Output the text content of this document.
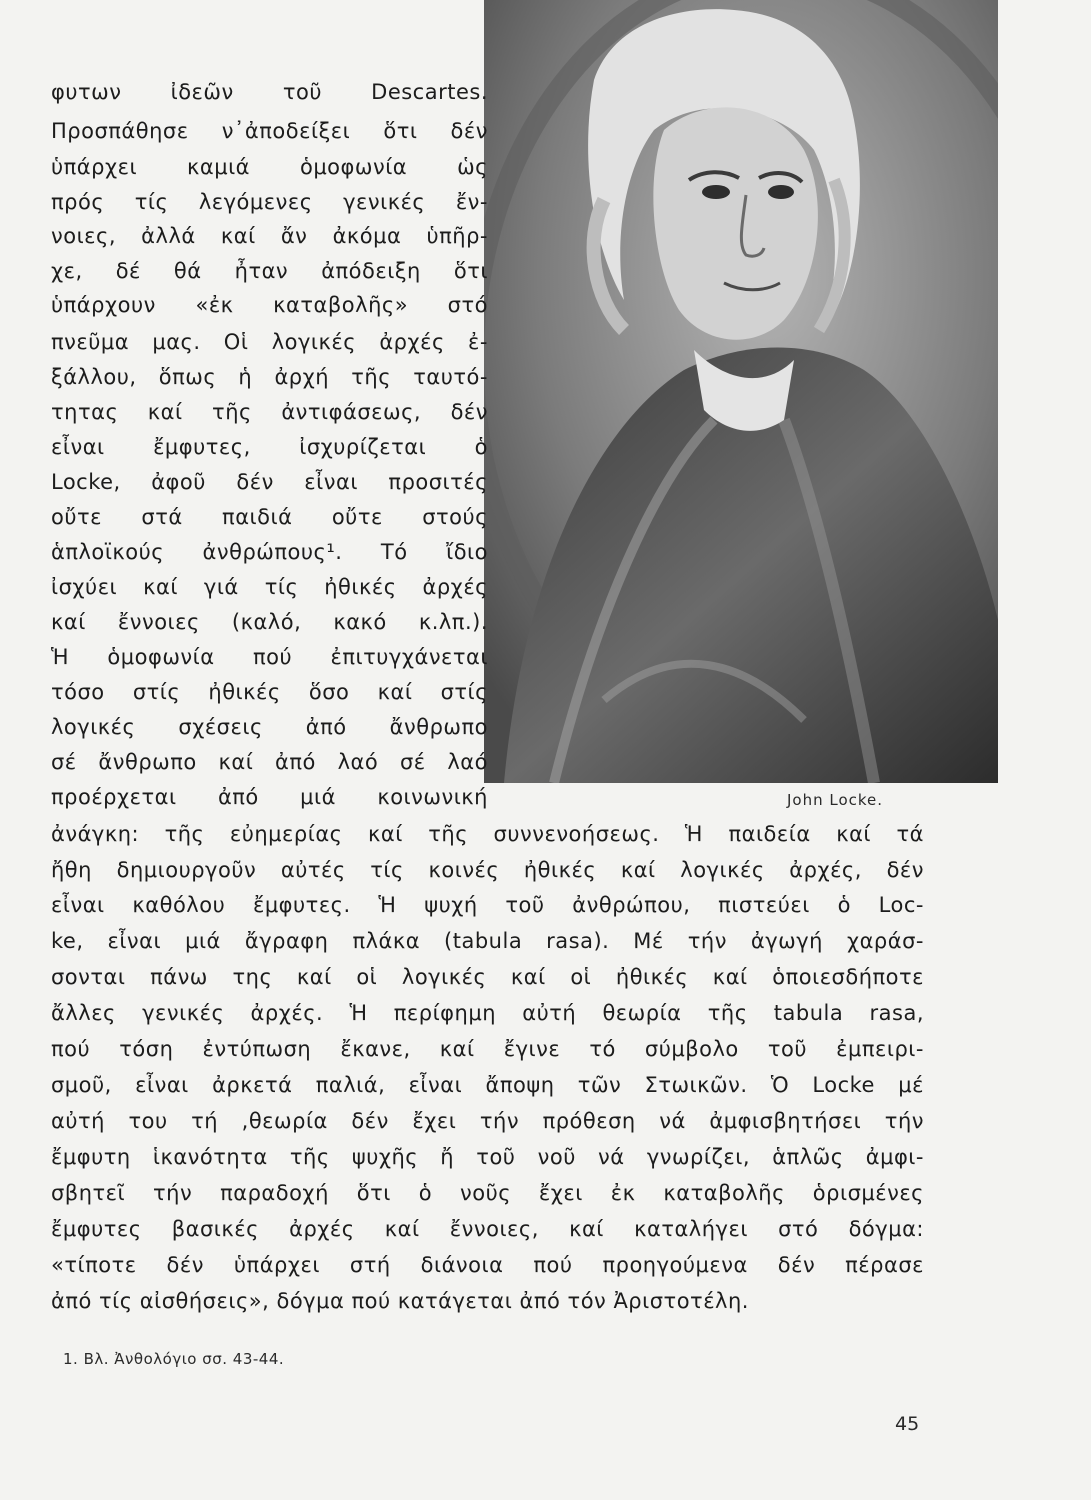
John Locke.
φυτων ἰδεῶν τοῦ Descartes.
Προσπάθησε ν᾽ἀποδείξει ὅτι δέν
ὑπάρχει καμιά ὁμοφωνία ὡς
πρός τίς λεγόμενες γενικές ἔν-
νοιες, ἀλλά καί ἄν ἀκόμα ὑπῆρ-
χε, δέ θά ἦταν ἀπόδειξη ὅτι
ὑπάρχουν «ἐκ καταβολῆς» στό
πνεῦμα μας. Οἱ λογικές ἀρχές ἐ-
ξάλλου, ὅπως ἡ ἀρχή τῆς ταυτό-
τητας καί τῆς ἀντιφάσεως, δέν
εἶναι ἔμφυτες, ἰσχυρίζεται ὁ
Locke, ἀφοῦ δέν εἶναι προσιτές
οὔτε στά παιδιά οὔτε στούς
ἁπλοϊκούς ἀνθρώπους¹. Τό ἴδιο
ἰσχύει καί γιά τίς ἠθικές ἀρχές
καί ἔννοιες (καλό, κακό κ.λπ.).
Ἡ ὁμοφωνία πού ἐπιτυγχάνεται
τόσο στίς ἠθικές ὅσο καί στίς
λογικές σχέσεις ἀπό ἄνθρωπο
σέ ἄνθρωπο καί ἀπό λαό σέ λαό
προέρχεται ἀπό μιά κοινωνική
ἀνάγκη: τῆς εὐημερίας καί τῆς συννενοήσεως. Ἡ παιδεία καί τά
ἤθη δημιουργοῦν αὐτές τίς κοινές ἠθικές καί λογικές ἀρχές, δέν
εἶναι καθόλου ἔμφυτες. Ἡ ψυχή τοῦ ἀνθρώπου, πιστεύει ὁ Loc-
ke, εἶναι μιά ἄγραφη πλάκα (tabula rasa). Μέ τήν ἀγωγή χαράσ-
σονται πάνω της καί οἱ λογικές καί οἱ ἠθικές καί ὁποιεσδήποτε
ἄλλες γενικές ἀρχές. Ἡ περίφημη αὐτή θεωρία τῆς tabula rasa,
πού τόση ἐντύπωση ἔκανε, καί ἔγινε τό σύμβολο τοῦ ἐμπειρι-
σμοῦ, εἶναι ἀρκετά παλιά, εἶναι ἄποψη τῶν Στωικῶν. Ὁ Locke μέ
αὐτή του τή ,θεωρία δέν ἔχει τήν πρόθεση νά ἀμφισβητήσει τήν
ἔμφυτη ἱκανότητα τῆς ψυχῆς ἤ τοῦ νοῦ νά γνωρίζει, ἁπλῶς ἀμφι-
σβητεῖ τήν παραδοχή ὅτι ὁ νοῦς ἔχει ἐκ καταβολῆς ὁρισμένες
ἔμφυτες βασικές ἀρχές καί ἔννοιες, καί καταλήγει στό δόγμα:
«τίποτε δέν ὑπάρχει στή διάνοια πού προηγούμενα δέν πέρασε
ἀπό τίς αἰσθήσεις», δόγμα πού κατάγεται ἀπό τόν Ἀριστοτέλη.
1. Βλ. Ἀνθολόγιο σσ. 43-44.
45
